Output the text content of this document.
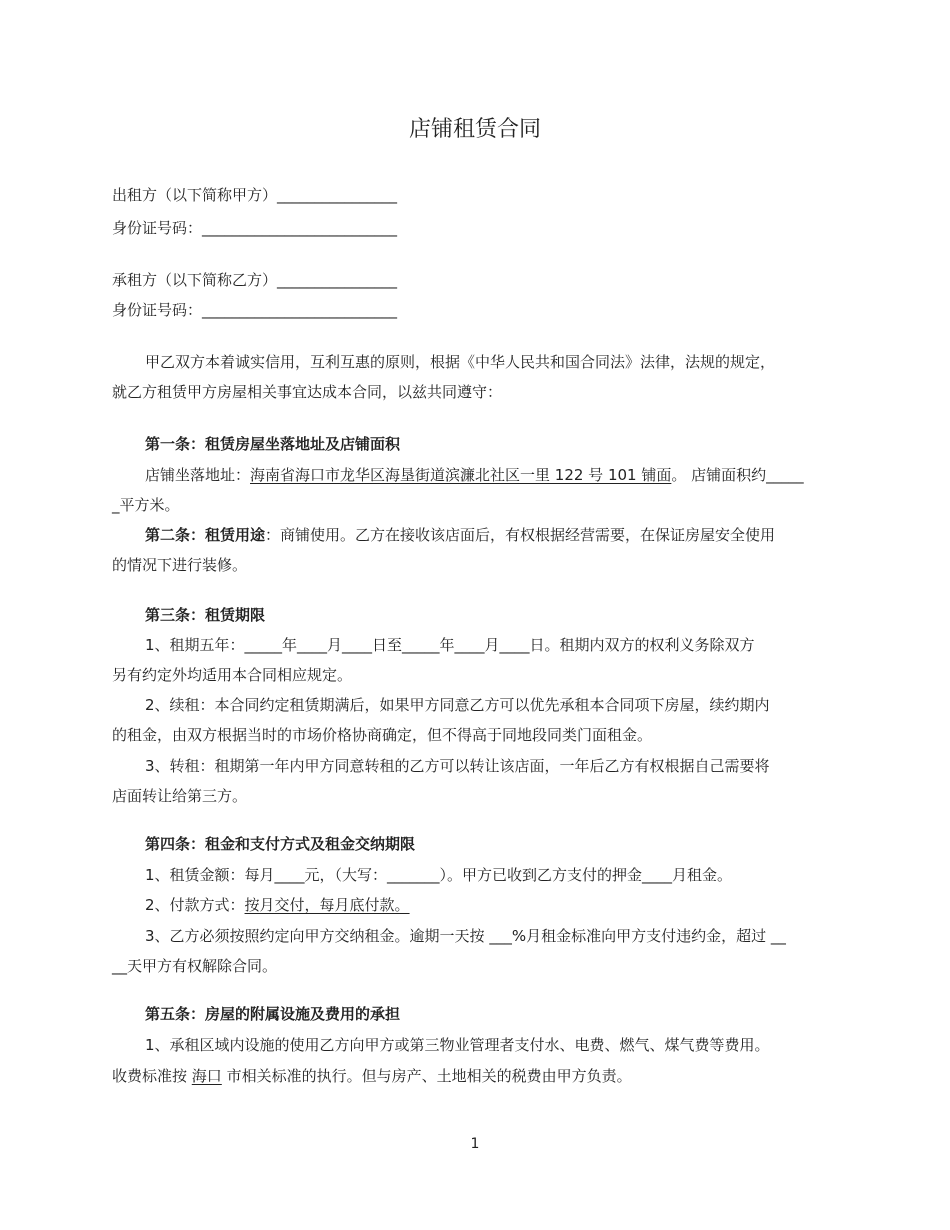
店铺租赁合同
出租方（以下简称甲方）________________
身份证号码：__________________________
承租方（以下简称乙方）________________
身份证号码：__________________________
甲乙双方本着诚实信用，互利互惠的原则，根据《中华人民共和国合同法》法律，法规的规定，
就乙方租赁甲方房屋相关事宜达成本合同，以兹共同遵守：
第一条：租赁房屋坐落地址及店铺面积
店铺坐落地址：海南省海口市龙华区海垦街道滨濂北社区一里 122 号 101 铺面。 店铺面积约_____
_平方米。
第二条：租赁用途：商铺使用。乙方在接收该店面后，有权根据经营需要，在保证房屋安全使用
的情况下进行装修。
第三条：租赁期限
1、租期五年：_____年____月____日至_____年____月____日。租期内双方的权利义务除双方
另有约定外均适用本合同相应规定。
2、续租：本合同约定租赁期满后，如果甲方同意乙方可以优先承租本合同项下房屋，续约期内
的租金，由双方根据当时的市场价格协商确定，但不得高于同地段同类门面租金。
3、转租：租期第一年内甲方同意转租的乙方可以转让该店面，一年后乙方有权根据自己需要将
店面转让给第三方。
第四条：租金和支付方式及租金交纳期限
1、租赁金额：每月____元，（大写：_______）。甲方已收到乙方支付的押金____月租金。
2、付款方式：按月交付，每月底付款。
3、乙方必须按照约定向甲方交纳租金。逾期一天按 ___%月租金标准向甲方支付违约金，超过 __
__天甲方有权解除合同。
第五条：房屋的附属设施及费用的承担
1、承租区域内设施的使用乙方向甲方或第三物业管理者支付水、电费、燃气、煤气费等费用。
收费标准按 海口 市相关标准的执行。但与房产、土地相关的税费由甲方负责。
1
